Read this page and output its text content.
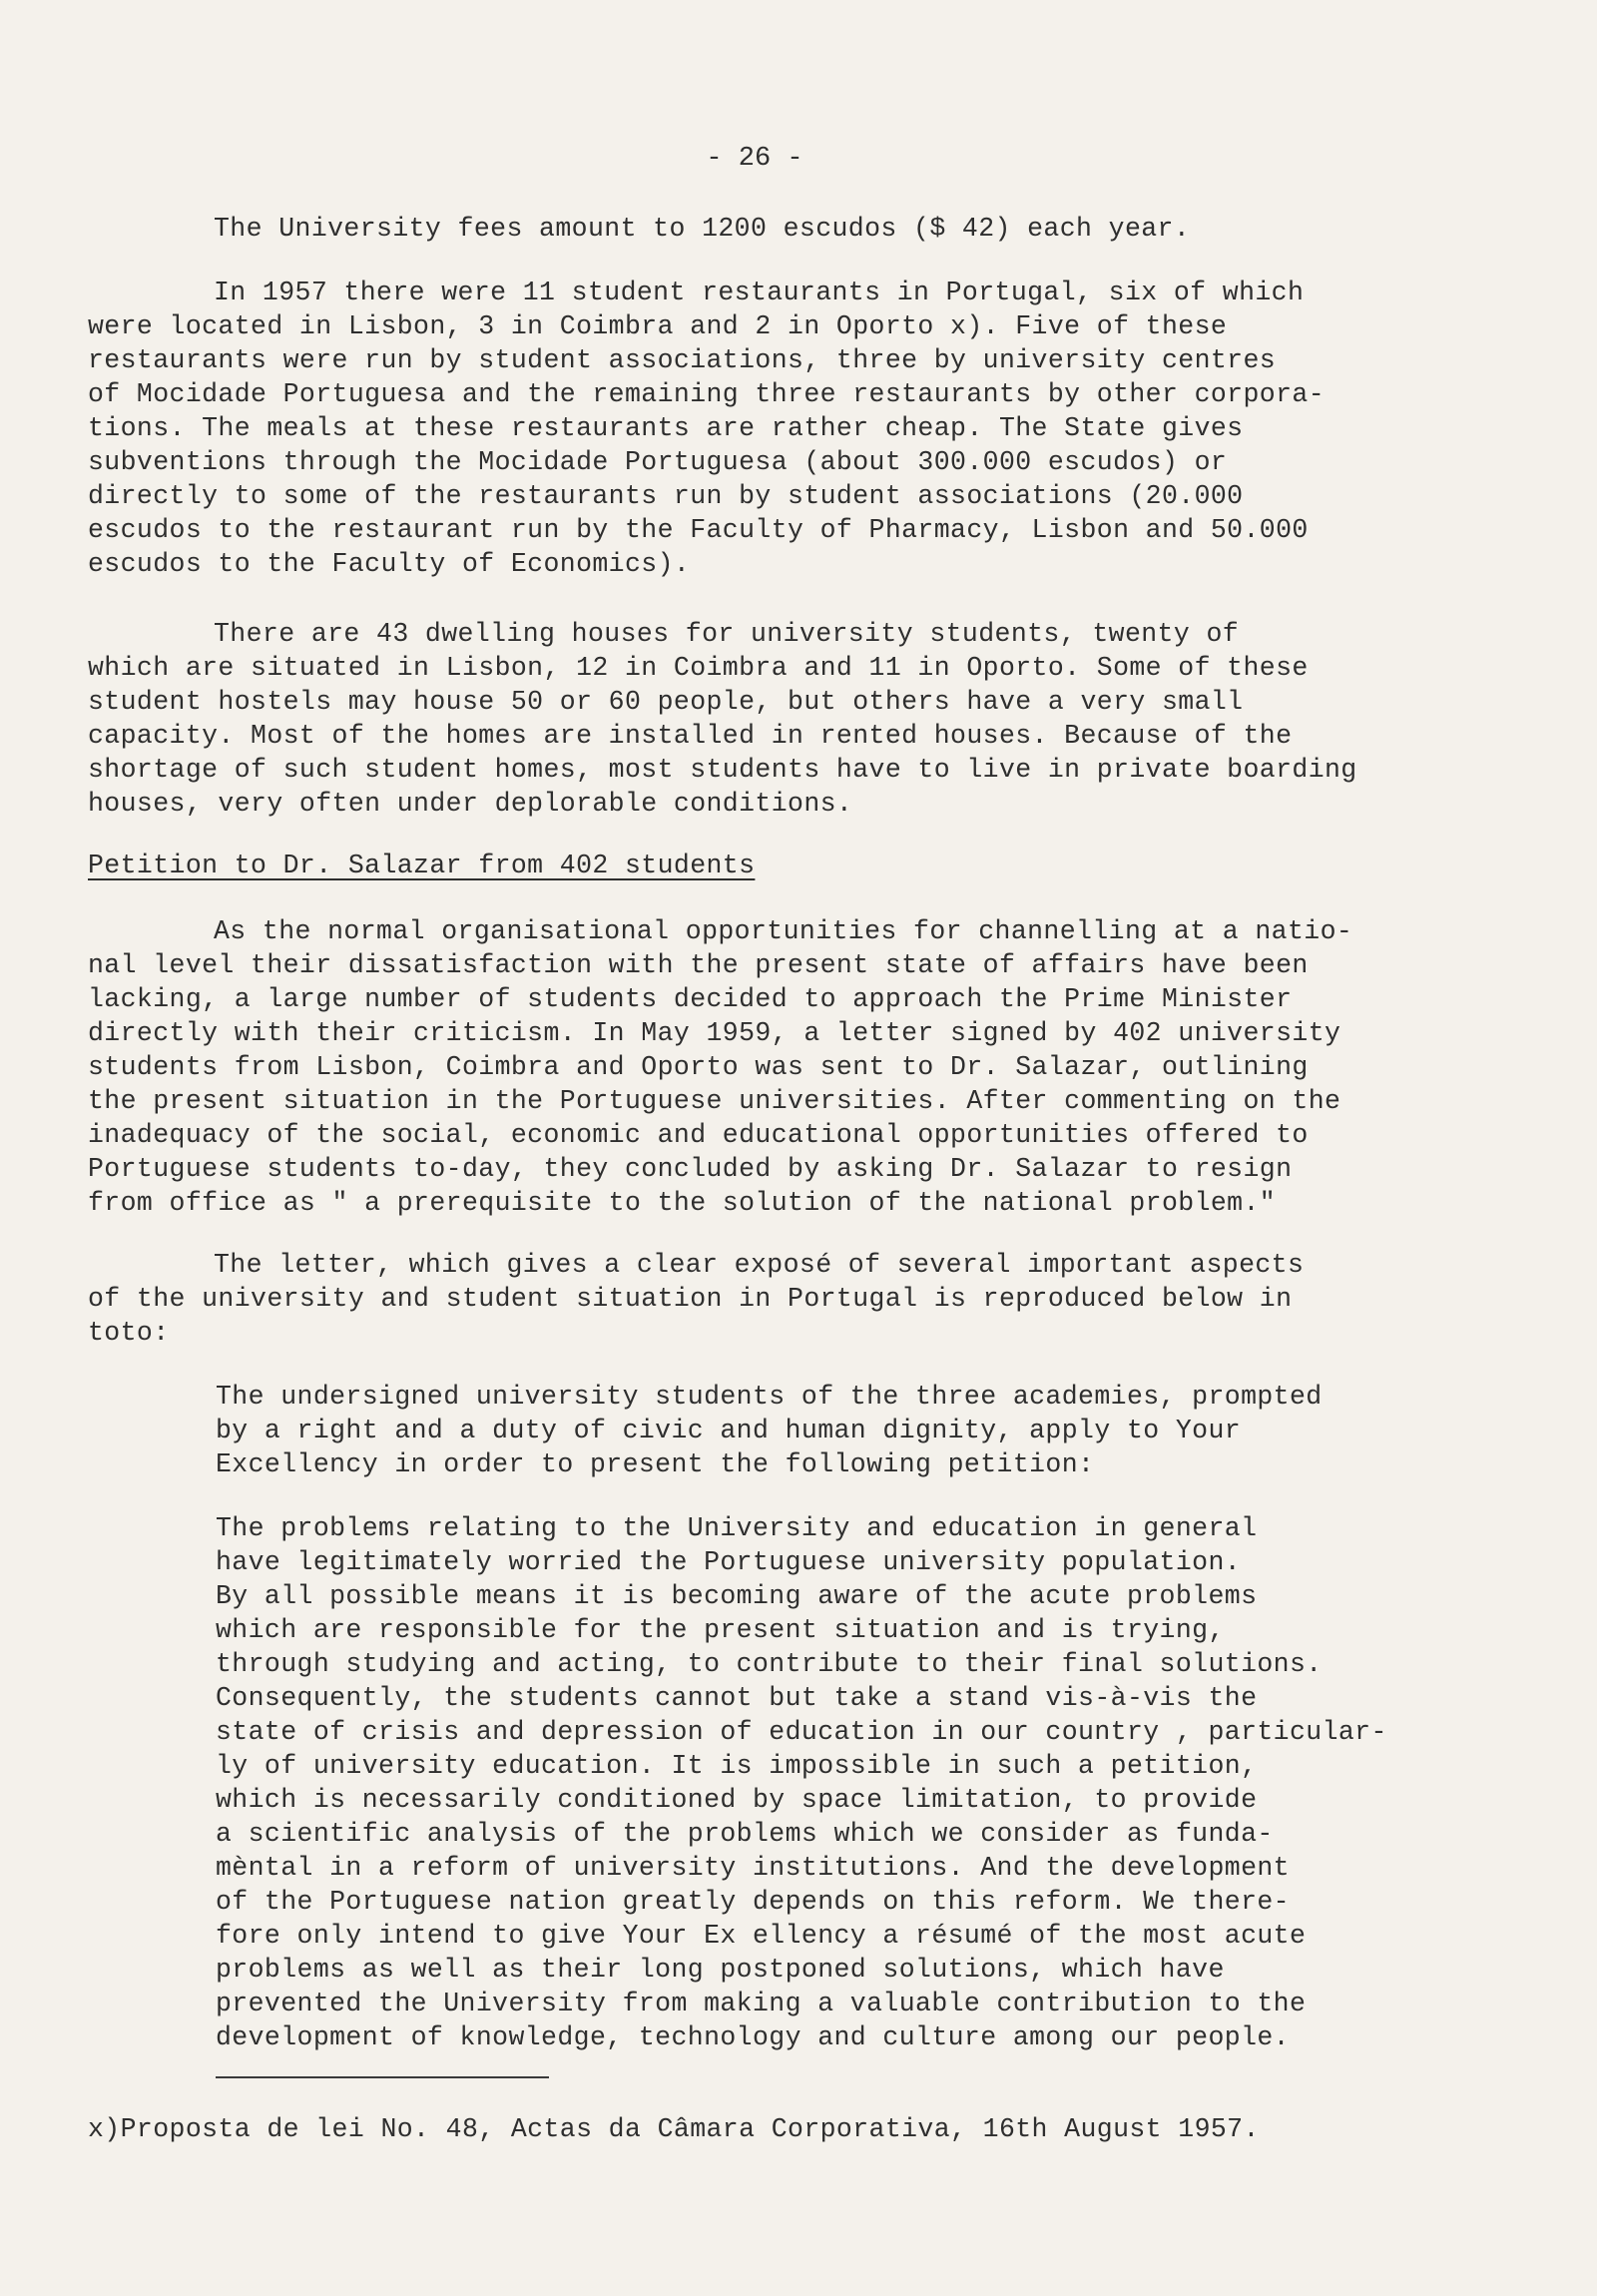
- 26 -
The University fees amount to 1200 escudos ($ 42) each year.
In 1957 there were 11 student restaurants in Portugal, six of which
were located in Lisbon, 3 in Coimbra and 2 in Oporto x). Five of these
restaurants were run by student associations, three by university centres
of Mocidade Portuguesa and the remaining three restaurants by other corpora-
tions. The meals at these restaurants are rather cheap. The State gives
subventions through the Mocidade Portuguesa (about 300.000 escudos) or
directly to some of the restaurants run by student associations (20.000
escudos to the restaurant run by the Faculty of Pharmacy, Lisbon and 50.000
escudos to the Faculty of Economics).
There are 43 dwelling houses for university students, twenty of
which are situated in Lisbon, 12 in Coimbra and 11 in Oporto. Some of these
student hostels may house 50 or 60 people, but others have a very small
capacity. Most of the homes are installed in rented houses. Because of the
shortage of such student homes, most students have to live in private boarding
houses, very often under deplorable conditions.
Petition to Dr. Salazar from 402 students
As the normal organisational opportunities for channelling at a natio-
nal level their dissatisfaction with the present state of affairs have been
lacking, a large number of students decided to approach the Prime Minister
directly with their criticism. In May 1959, a letter signed by 402 university
students from Lisbon, Coimbra and Oporto was sent to Dr. Salazar, outlining
the present situation in the Portuguese universities. After commenting on the
inadequacy of the social, economic and educational opportunities offered to
Portuguese students to-day, they concluded by asking Dr. Salazar to resign
from office as " a prerequisite to the solution of the national problem."
The letter, which gives a clear exposé of several important aspects
of the university and student situation in Portugal is reproduced below in
toto:
The undersigned university students of the three academies, prompted
by a right and a duty of civic and human dignity, apply to Your
Excellency in order to present the following petition:
The problems relating to the University and education in general
have legitimately worried the Portuguese university population.
By all possible means it is becoming aware of the acute problems
which are responsible for the present situation and is trying,
through studying and acting, to contribute to their final solutions.
Consequently, the students cannot but take a stand vis-à-vis the
state of crisis and depression of education in our country , particular-
ly of university education. It is impossible in such a petition,
which is necessarily conditioned by space limitation, to provide
a scientific analysis of the problems which we consider as funda-
mèntal in a reform of university institutions. And the development
of the Portuguese nation greatly depends on this reform. We there-
fore only intend to give Your Ex ellency a résumé of the most acute
problems as well as their long postponed solutions, which have
prevented the University from making a valuable contribution to the
development of knowledge, technology and culture among our people.
x)Proposta de lei No. 48, Actas da Câmara Corporativa, 16th August 1957.
